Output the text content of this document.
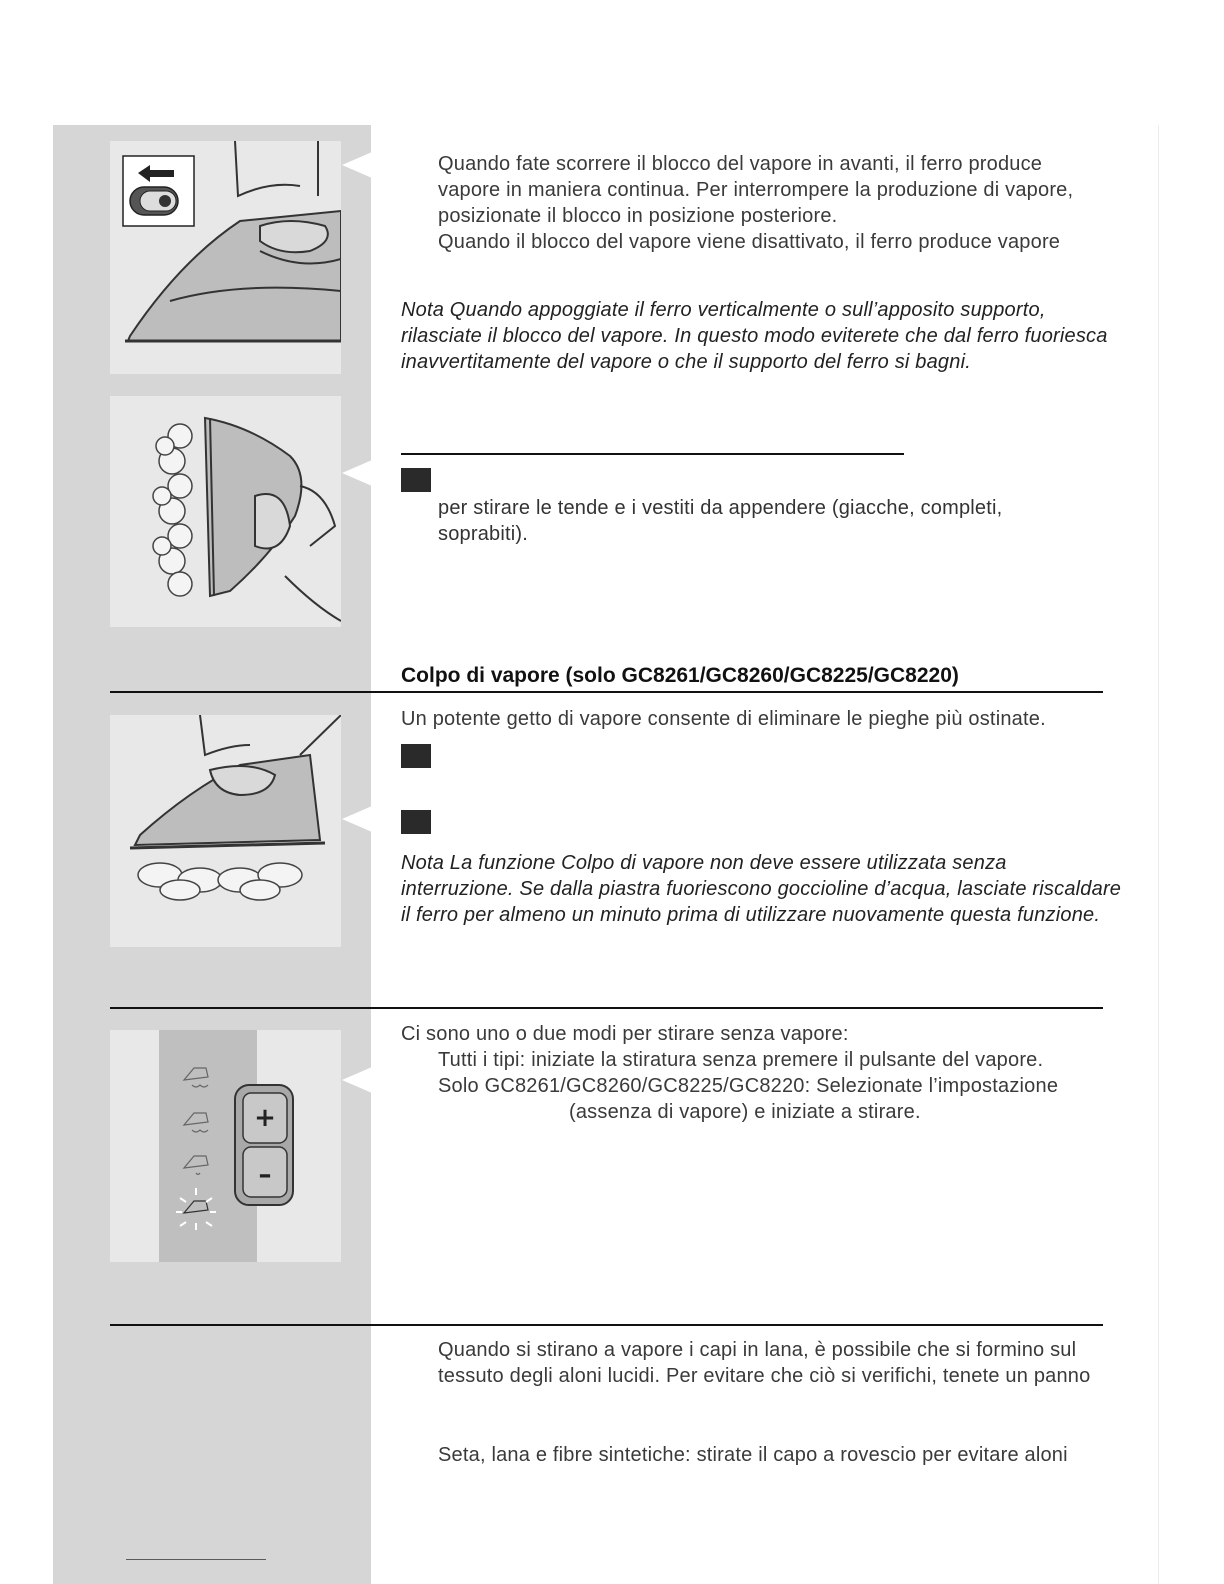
Quando fate scorrere il blocco del vapore in avanti, il ferro produce
vapore in maniera continua. Per interrompere la produzione di vapore,
posizionate il blocco in posizione posteriore.
Quando il blocco del vapore viene disattivato, il ferro produce vapore

Nota Quando appoggiate il ferro verticalmente o sull’apposito supporto,
rilasciate il blocco del vapore. In questo modo eviterete che dal ferro fuoriesca
inavvertitamente del vapore o che il supporto del ferro si bagni.

per stirare le tende e i vestiti da appendere (giacche, completi,
soprabiti).

Colpo di vapore (solo GC8261/GC8260/GC8225/GC8220)

Un potente getto di vapore consente di eliminare le pieghe più ostinate.

Nota La funzione Colpo di vapore non deve essere utilizzata senza
interruzione. Se dalla piastra fuoriescono goccioline d’acqua, lasciate riscaldare
il ferro per almeno un minuto prima di utilizzare nuovamente questa funzione.

+
–

Ci sono uno o due modi per stirare senza vapore:

Tutti i tipi: iniziate la stiratura senza premere il pulsante del vapore.
Solo GC8261/GC8260/GC8225/GC8220: Selezionate l’impostazione
(assenza di vapore) e iniziate a stirare.

Quando si stirano a vapore i capi in lana, è possibile che si formino sul
tessuto degli aloni lucidi. Per evitare che ciò si verifichi, tenete un panno

Seta, lana e fibre sintetiche: stirate il capo a rovescio per evitare aloni
